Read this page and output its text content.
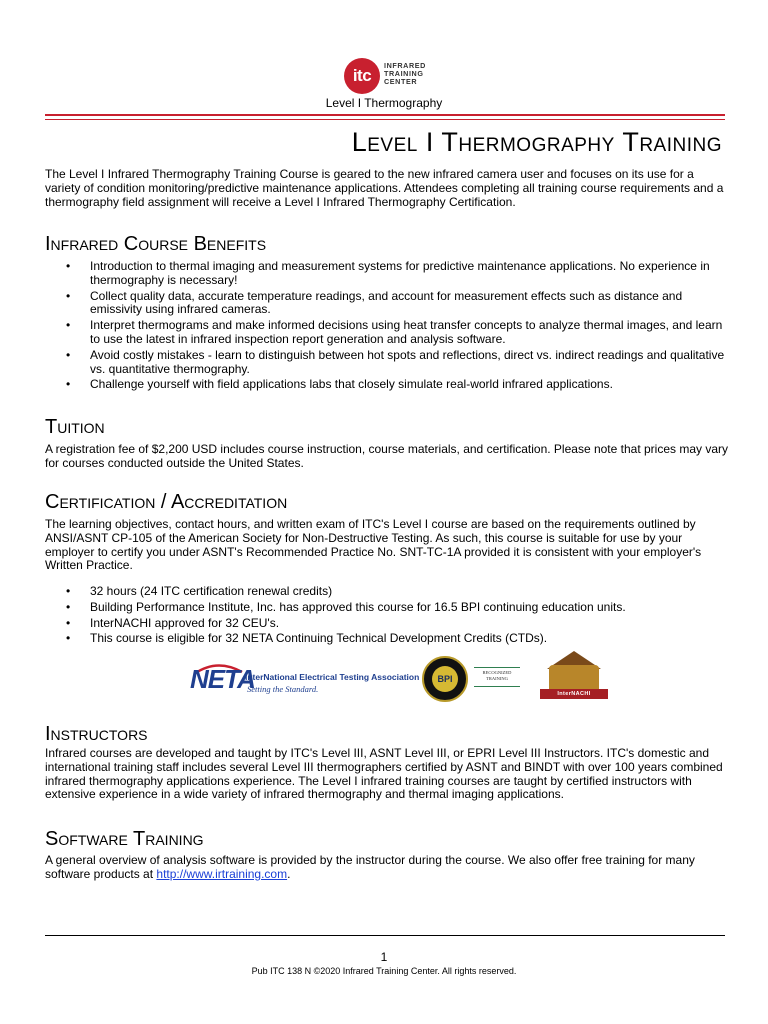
itc
INFRARED
TRAINING
CENTER
Level I Thermography
Level I Thermography Training
The Level I Infrared Thermography Training Course is geared to the new infrared camera user and focuses on its use for a variety of condition monitoring/predictive maintenance applications. Attendees completing all training course requirements and a thermography field assignment will receive a Level I Infrared Thermography Certification.
Infrared Course Benefits
• Introduction to thermal imaging and measurement systems for predictive maintenance applications. No experience in thermography is necessary!
• Collect quality data, accurate temperature readings, and account for measurement effects such as distance and emissivity using infrared cameras.
• Interpret thermograms and make informed decisions using heat transfer concepts to analyze thermal images, and learn to use the latest in infrared inspection report generation and analysis software.
• Avoid costly mistakes - learn to distinguish between hot spots and reflections, direct vs. indirect readings and qualitative vs. quantitative thermography.
• Challenge yourself with field applications labs that closely simulate real-world infrared applications.
Tuition
A registration fee of $2,200 USD includes course instruction, course materials, and certification. Please note that prices may vary for courses conducted outside the United States.
Certification / Accreditation
The learning objectives, contact hours, and written exam of ITC's Level I course are based on the requirements outlined by ANSI/ASNT CP-105 of the American Society for Non-Destructive Testing. As such, this course is suitable for use by your employer to certify you under ASNT's Recommended Practice No. SNT-TC-1A provided it is consistent with your employer's Written Practice.
• 32 hours (24 ITC certification renewal credits)
• Building Performance Institute, Inc. has approved this course for 16.5 BPI continuing education units.
• InterNACHI approved for 32 CEU's.
• This course is eligible for 32 NETA Continuing Technical Development Credits (CTDs).
NETA
InterNational Electrical Testing Association
Setting the Standard.
BPI
RECOGNIZED
TRAINING
InterNACHI
Instructors
Infrared courses are developed and taught by ITC's Level III, ASNT Level III, or EPRI Level III Instructors. ITC's domestic and international training staff includes several Level III thermographers certified by ASNT and BINDT with over 100 years combined infrared thermography applications experience. The Level I infrared training courses are taught by certified instructors with extensive experience in a wide variety of infrared thermography and thermal imaging applications.
Software Training
A general overview of analysis software is provided by the instructor during the course. We also offer free training for many software products at http://www.irtraining.com.
1
Pub ITC 138 N ©2020 Infrared Training Center. All rights reserved.
